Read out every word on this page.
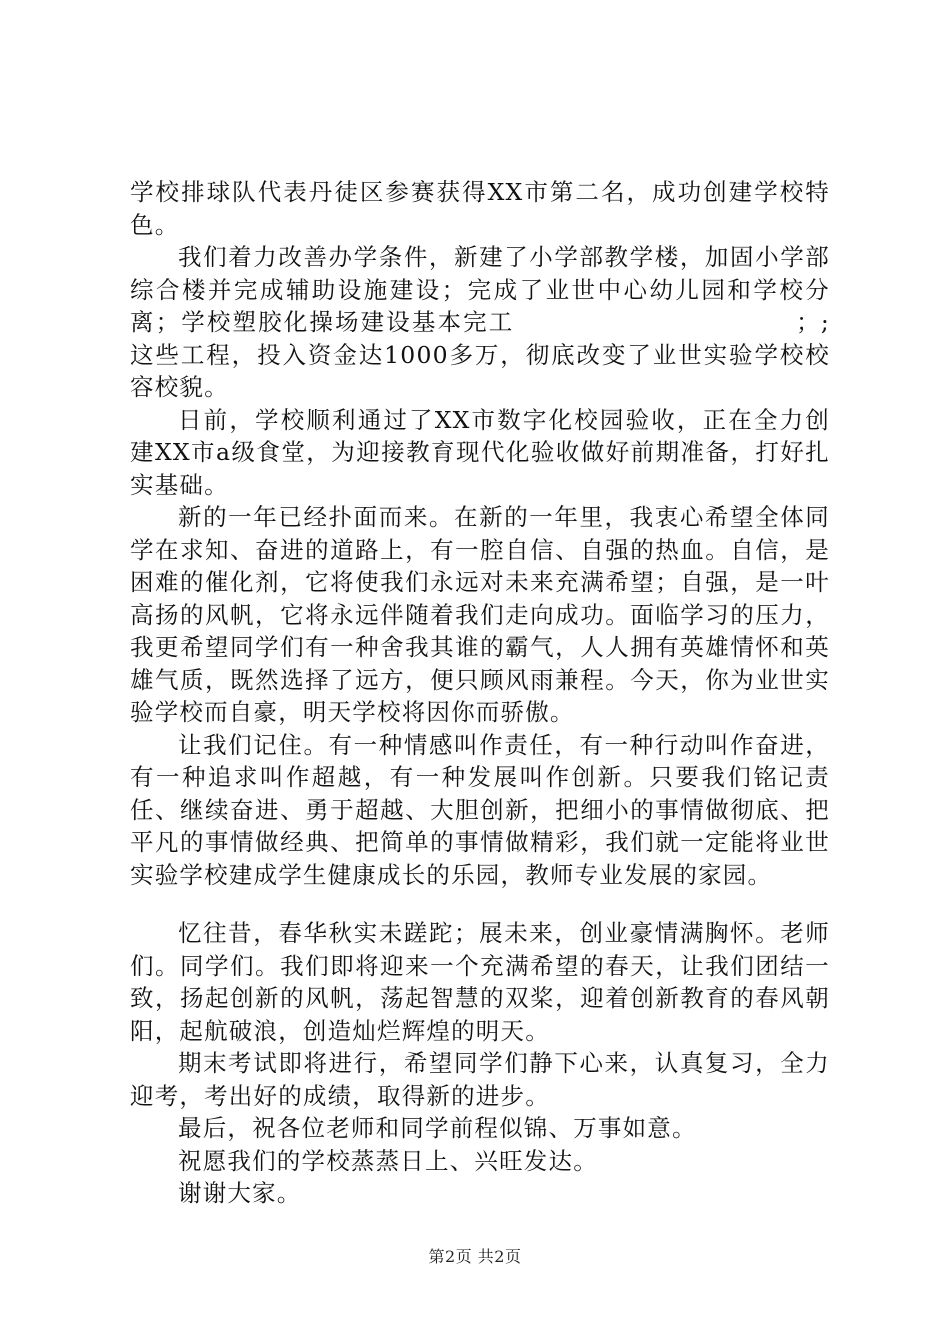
学校排球队代表丹徒区参赛获得XX市第二名，成功创建学校特色。

我们着力改善办学条件，新建了小学部教学楼，加固小学部综合楼并完成辅助设施建设；完成了业世中心幼儿园和学校分离；学校塑胶化操场建设基本完工　　　　　　　　　　　；;这些工程，投入资金达1000多万，彻底改变了业世实验学校校容校貌。

日前，学校顺利通过了XX市数字化校园验收，正在全力创建XX市a级食堂，为迎接教育现代化验收做好前期准备，打好扎实基础。

新的一年已经扑面而来。在新的一年里，我衷心希望全体同学在求知、奋进的道路上，有一腔自信、自强的热血。自信，是困难的催化剂，它将使我们永远对未来充满希望；自强，是一叶高扬的风帆，它将永远伴随着我们走向成功。面临学习的压力，我更希望同学们有一种舍我其谁的霸气，人人拥有英雄情怀和英雄气质，既然选择了远方，便只顾风雨兼程。今天，你为业世实验学校而自豪，明天学校将因你而骄傲。

让我们记住。有一种情感叫作责任，有一种行动叫作奋进，有一种追求叫作超越，有一种发展叫作创新。只要我们铭记责任、继续奋进、勇于超越、大胆创新，把细小的事情做彻底、把平凡的事情做经典、把简单的事情做精彩，我们就一定能将业世实验学校建成学生健康成长的乐园，教师专业发展的家园。

忆往昔，春华秋实未蹉跎；展未来，创业豪情满胸怀。老师们。同学们。我们即将迎来一个充满希望的春天，让我们团结一致，扬起创新的风帆，荡起智慧的双桨，迎着创新教育的春风朝阳，起航破浪，创造灿烂辉煌的明天。

期末考试即将进行，希望同学们静下心来，认真复习，全力迎考，考出好的成绩，取得新的进步。

最后，祝各位老师和同学前程似锦、万事如意。

祝愿我们的学校蒸蒸日上、兴旺发达。

谢谢大家。

第2页 共2页
